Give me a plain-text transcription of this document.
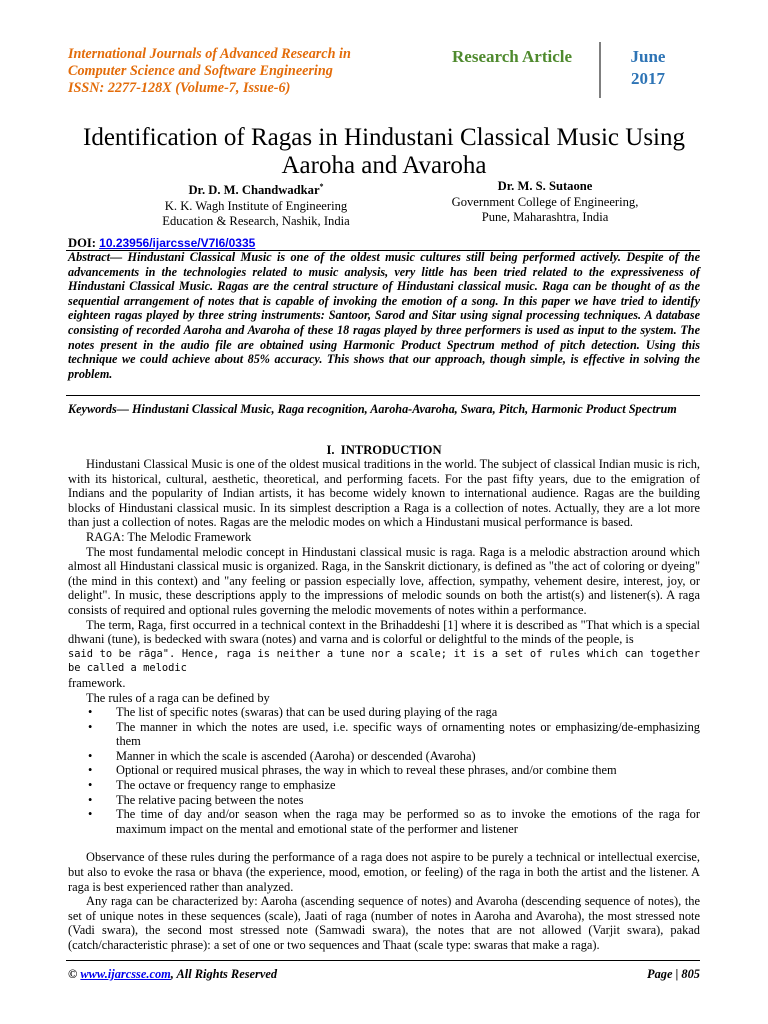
International Journals of Advanced Research in
Computer Science and Software Engineering
ISSN: 2277-128X (Volume-7, Issue-6)
Research Article	June
2017
Identification of Ragas in Hindustani Classical Music Using
Aaroha and Avaroha
Dr. D. M. Chandwadkar*
K. K. Wagh Institute of Engineering
Education & Research, Nashik, India
Dr. M. S. Sutaone
Government College of Engineering,
Pune, Maharashtra, India
DOI: 10.23956/ijarcsse/V7I6/0335
Abstract— Hindustani Classical Music is one of the oldest music cultures still being performed actively. Despite of the advancements in the technologies related to music analysis, very little has been tried related to the expressiveness of Hindustani Classical Music. Ragas are the central structure of Hindustani classical music. Raga can be thought of as the sequential arrangement of notes that is capable of invoking the emotion of a song. In this paper we have tried to identify eighteen ragas played by three string instruments: Santoor, Sarod and Sitar using signal processing techniques. A database consisting of recorded Aaroha and Avaroha of these 18 ragas played by three performers is used as input to the system. The notes present in the audio file are obtained using Harmonic Product Spectrum method of pitch detection. Using this technique we could achieve about 85% accuracy. This shows that our approach, though simple, is effective in solving the problem.
Keywords— Hindustani Classical Music, Raga recognition, Aaroha-Avaroha, Swara, Pitch, Harmonic Product Spectrum
I. INTRODUCTION

Hindustani Classical Music is one of the oldest musical traditions in the world. The subject of classical Indian music is rich, with its historical, cultural, aesthetic, theoretical, and performing facets. For the past fifty years, due to the emigration of Indians and the popularity of Indian artists, it has become widely known to international audience. Ragas are the building blocks of Hindustani classical music. In its simplest description a Raga is a collection of notes. Actually, they are a lot more than just a collection of notes. Ragas are the melodic modes on which a Hindustani musical performance is based.

RAGA: The Melodic Framework

The most fundamental melodic concept in Hindustani classical music is raga. Raga is a melodic abstraction around which almost all Hindustani classical music is organized. Raga, in the Sanskrit dictionary, is defined as "the act of coloring or dyeing" (the mind in this context) and "any feeling or passion especially love, affection, sympathy, vehement desire, interest, joy, or delight". In music, these descriptions apply to the impressions of melodic sounds on both the artist(s) and listener(s). A raga consists of required and optional rules governing the melodic movements of notes within a performance.

The term, Raga, first occurred in a technical context in the Brihaddeshi [1] where it is described as "That which is a special dhwani (tune), is bedecked with swara (notes) and varna and is colorful or delightful to the minds of the people, is

said to be rāga". Hence, raga is neither a tune nor a scale; it is a set of rules which can together be called a melodic

framework.

The rules of a raga can be defined by

• The list of specific notes (swaras) that can be used during playing of the raga
• The manner in which the notes are used, i.e. specific ways of ornamenting notes or emphasizing/de-emphasizing them
• Manner in which the scale is ascended (Aaroha) or descended (Avaroha)
• Optional or required musical phrases, the way in which to reveal these phrases, and/or combine them
• The octave or frequency range to emphasize
• The relative pacing between the notes
• The time of day and/or season when the raga may be performed so as to invoke the emotions of the raga for maximum impact on the mental and emotional state of the performer and listener

Observance of these rules during the performance of a raga does not aspire to be purely a technical or intellectual exercise, but also to evoke the rasa or bhava (the experience, mood, emotion, or feeling) of the raga in both the artist and the listener. A raga is best experienced rather than analyzed.

Any raga can be characterized by: Aaroha (ascending sequence of notes) and Avaroha (descending sequence of notes), the set of unique notes in these sequences (scale), Jaati of raga (number of notes in Aaroha and Avaroha), the most stressed note (Vadi swara), the second most stressed note (Samwadi swara), the notes that are not allowed (Varjit swara), pakad (catch/characteristic phrase): a set of one or two sequences and Thaat (scale type: swaras that make a raga).

© www.ijarcsse.com, All Rights Reserved	Page | 805
